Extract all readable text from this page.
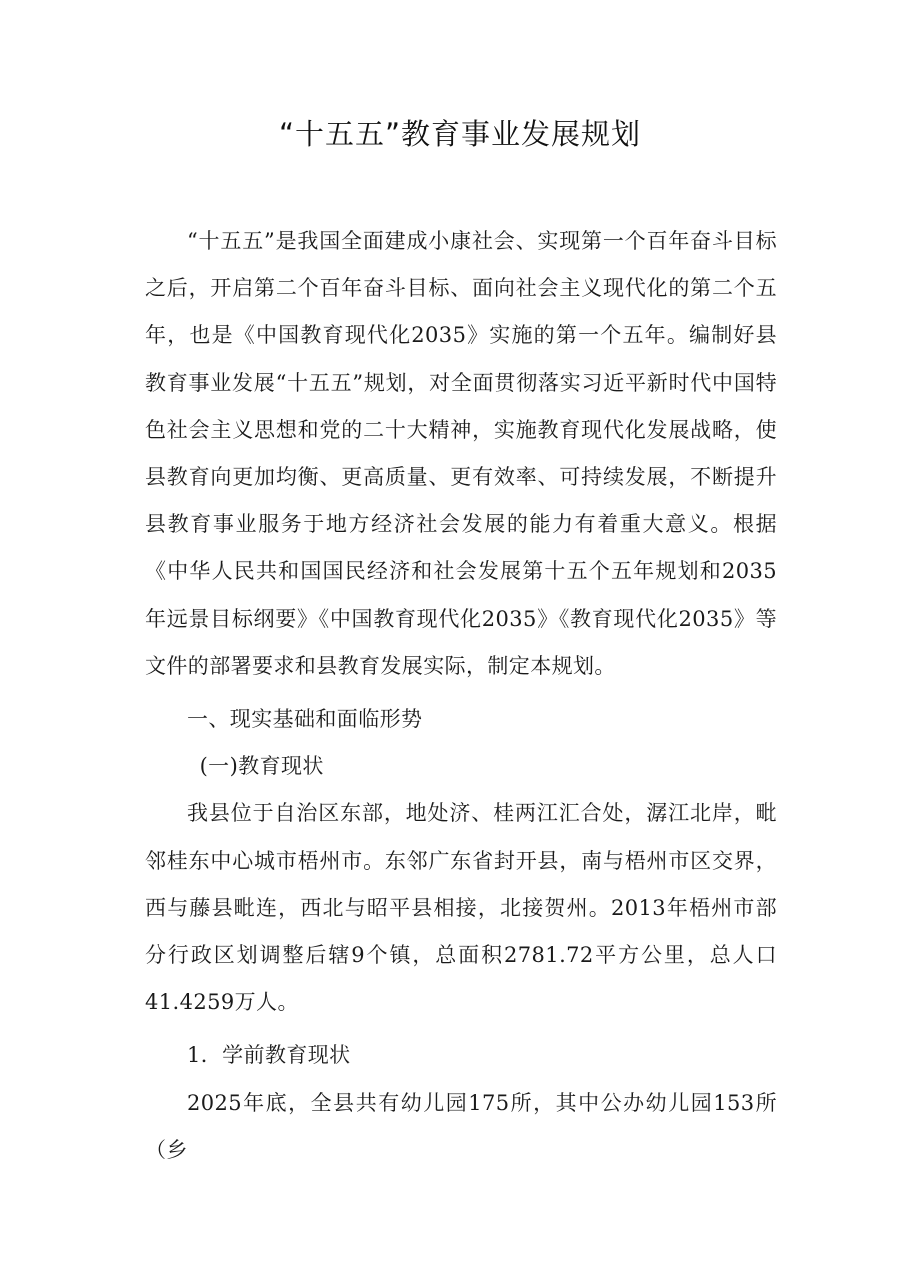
“十五五”教育事业发展规划

“十五五”是我国全面建成小康社会、实现第一个百年奋斗目标之后，开启第二个百年奋斗目标、面向社会主义现代化的第二个五年，也是《中国教育现代化2035》实施的第一个五年。编制好县教育事业发展“十五五”规划，对全面贯彻落实习近平新时代中国特色社会主义思想和党的二十大精神，实施教育现代化发展战略，使县教育向更加均衡、更高质量、更有效率、可持续发展，不断提升县教育事业服务于地方经济社会发展的能力有着重大意义。根据《中华人民共和国国民经济和社会发展第十五个五年规划和2035年远景目标纲要》《中国教育现代化2035》《教育现代化2035》等文件的部署要求和县教育发展实际，制定本规划。

一、现实基础和面临形势

(一)教育现状

我县位于自治区东部，地处济、桂两江汇合处，潺江北岸，毗邻桂东中心城市梧州市。东邻广东省封开县，南与梧州市区交界，西与藤县毗连，西北与昭平县相接，北接贺州。2013年梧州市部分行政区划调整后辖9个镇，总面积2781.72平方公里，总人口41.4259万人。

1．学前教育现状

2025年底，全县共有幼儿园175所，其中公办幼儿园153所（乡
